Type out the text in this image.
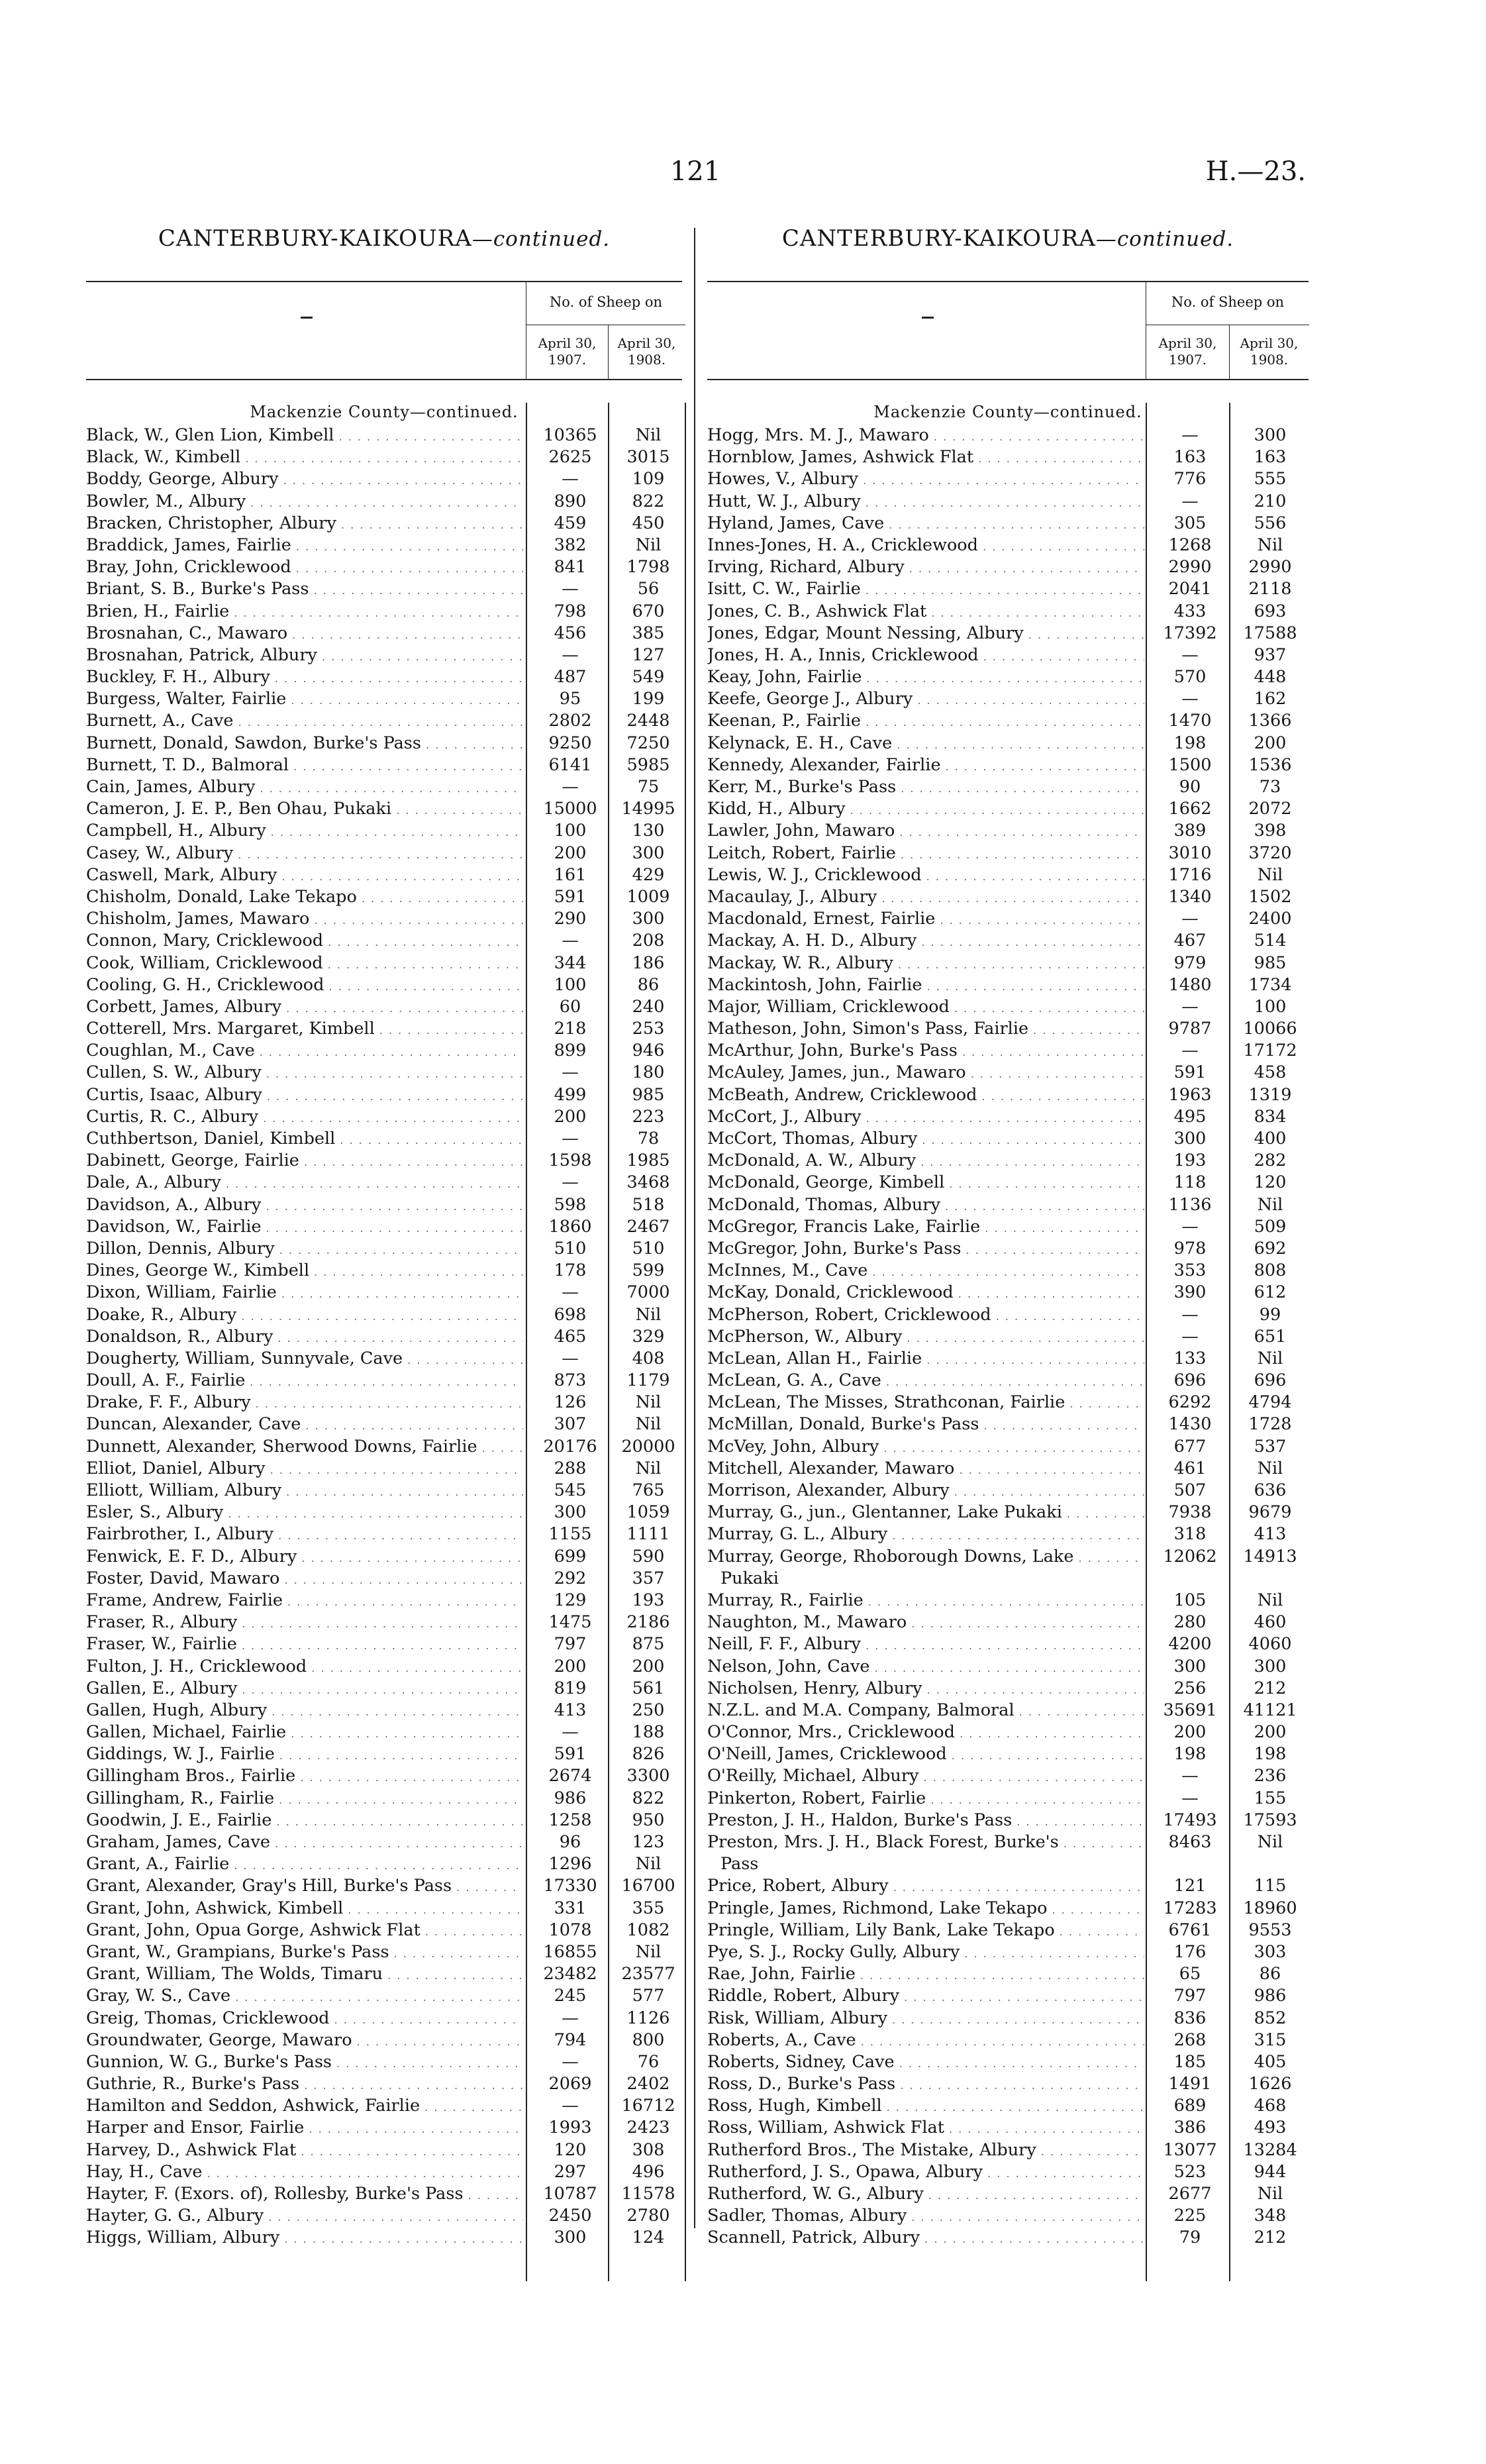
121	H.—23.
CANTERBURY-KAIKOURA—continued.
No. of Sheep on
April 30, 1907.
April 30, 1908.
Mackenzie County—continued.
Black, W., Glen Lion, Kimbell . . .	10365	Nil
Black, W., Kimbell . . .	2625	3015
Boddy, George, Albury . . .	—	109
Bowler, M., Albury . . .	890	822
Bracken, Christopher, Albury . . .	459	450
Braddick, James, Fairlie . . .	382	Nil
Bray, John, Cricklewood . . .	841	1798
Briant, S. B., Burke's Pass . . .	—	56
Brien, H., Fairlie . . .	798	670
Brosnahan, C., Mawaro . . .	456	385
Brosnahan, Patrick, Albury . . .	—	127
Buckley, F. H., Albury . . .	487	549
Burgess, Walter, Fairlie . . .	95	199
Burnett, A., Cave . . .	2802	2448
Burnett, Donald, Sawdon, Burke's Pass . . .	9250	7250
Burnett, T. D., Balmoral . . .	6141	5985
Cain, James, Albury . . .	—	75
Cameron, J. E. P., Ben Ohau, Pukaki . . .	15000	14995
Campbell, H., Albury . . .	100	130
Casey, W., Albury . . .	200	300
Caswell, Mark, Albury . . .	161	429
Chisholm, Donald, Lake Tekapo . . .	591	1009
Chisholm, James, Mawaro . . .	290	300
Connon, Mary, Cricklewood . . .	—	208
Cook, William, Cricklewood . . .	344	186
Cooling, G. H., Cricklewood . . .	100	86
Corbett, James, Albury . . .	60	240
Cotterell, Mrs. Margaret, Kimbell . . .	218	253
Coughlan, M., Cave . . .	899	946
Cullen, S. W., Albury . . .	—	180
Curtis, Isaac, Albury . . .	499	985
Curtis, R. C., Albury . . .	200	223
Cuthbertson, Daniel, Kimbell . . .	—	78
Dabinett, George, Fairlie . . .	1598	1985
Dale, A., Albury . . .	—	3468
Davidson, A., Albury . . .	598	518
Davidson, W., Fairlie . . .	1860	2467
Dillon, Dennis, Albury . . .	510	510
Dines, George W., Kimbell . . .	178	599
Dixon, William, Fairlie . . .	—	7000
Doake, R., Albury . . .	698	Nil
Donaldson, R., Albury . . .	465	329
Dougherty, William, Sunnyvale, Cave . . .	—	408
Doull, A. F., Fairlie . . .	873	1179
Drake, F. F., Albury . . .	126	Nil
Duncan, Alexander, Cave . . .	307	Nil
Dunnett, Alexander, Sherwood Downs, Fairlie . . .	20176	20000
Elliot, Daniel, Albury . . .	288	Nil
Elliott, William, Albury . . .	545	765
Esler, S., Albury . . .	300	1059
Fairbrother, I., Albury . . .	1155	1111
Fenwick, E. F. D., Albury . . .	699	590
Foster, David, Mawaro . . .	292	357
Frame, Andrew, Fairlie . . .	129	193
Fraser, R., Albury . . .	1475	2186
Fraser, W., Fairlie . . .	797	875
Fulton, J. H., Cricklewood . . .	200	200
Gallen, E., Albury . . .	819	561
Gallen, Hugh, Albury . . .	413	250
Gallen, Michael, Fairlie . . .	—	188
Giddings, W. J., Fairlie . . .	591	826
Gillingham Bros., Fairlie . . .	2674	3300
Gillingham, R., Fairlie . . .	986	822
Goodwin, J. E., Fairlie . . .	1258	950
Graham, James, Cave . . .	96	123
Grant, A., Fairlie . . .	1296	Nil
Grant, Alexander, Gray's Hill, Burke's Pass . . .	17330	16700
Grant, John, Ashwick, Kimbell . . .	331	355
Grant, John, Opua Gorge, Ashwick Flat . . .	1078	1082
Grant, W., Grampians, Burke's Pass . . .	16855	Nil
Grant, William, The Wolds, Timaru . . .	23482	23577
Gray, W. S., Cave . . .	245	577
Greig, Thomas, Cricklewood . . .	—	1126
Groundwater, George, Mawaro . . .	794	800
Gunnion, W. G., Burke's Pass . . .	—	76
Guthrie, R., Burke's Pass . . .	2069	2402
Hamilton and Seddon, Ashwick, Fairlie . . .	—	16712
Harper and Ensor, Fairlie . . .	1993	2423
Harvey, D., Ashwick Flat . . .	120	308
Hay, H., Cave . . .	297	496
Hayter, F. (Exors. of), Rollesby, Burke's Pass . . .	10787	11578
Hayter, G. G., Albury . . .	2450	2780
Higgs, William, Albury . . .	300	124
CANTERBURY-KAIKOURA—continued.
No. of Sheep on
April 30, 1907.
April 30, 1908.
Mackenzie County—continued.
Hogg, Mrs. M. J., Mawaro . . .	—	300
Hornblow, James, Ashwick Flat . . .	163	163
Howes, V., Albury . . .	776	555
Hutt, W. J., Albury . . .	—	210
Hyland, James, Cave . . .	305	556
Innes-Jones, H. A., Cricklewood . . .	1268	Nil
Irving, Richard, Albury . . .	2990	2990
Isitt, C. W., Fairlie . . .	2041	2118
Jones, C. B., Ashwick Flat . . .	433	693
Jones, Edgar, Mount Nessing, Albury . . .	17392	17588
Jones, H. A., Innis, Cricklewood . . .	—	937
Keay, John, Fairlie . . .	570	448
Keefe, George J., Albury . . .	—	162
Keenan, P., Fairlie . . .	1470	1366
Kelynack, E. H., Cave . . .	198	200
Kennedy, Alexander, Fairlie . . .	1500	1536
Kerr, M., Burke's Pass . . .	90	73
Kidd, H., Albury . . .	1662	2072
Lawler, John, Mawaro . . .	389	398
Leitch, Robert, Fairlie . . .	3010	3720
Lewis, W. J., Cricklewood . . .	1716	Nil
Macaulay, J., Albury . . .	1340	1502
Macdonald, Ernest, Fairlie . . .	—	2400
Mackay, A. H. D., Albury . . .	467	514
Mackay, W. R., Albury . . .	979	985
Mackintosh, John, Fairlie . . .	1480	1734
Major, William, Cricklewood . . .	—	100
Matheson, John, Simon's Pass, Fairlie . . .	9787	10066
McArthur, John, Burke's Pass . . .	—	17172
McAuley, James, jun., Mawaro . . .	591	458
McBeath, Andrew, Cricklewood . . .	1963	1319
McCort, J., Albury . . .	495	834
McCort, Thomas, Albury . . .	300	400
McDonald, A. W., Albury . . .	193	282
McDonald, George, Kimbell . . .	118	120
McDonald, Thomas, Albury . . .	1136	Nil
McGregor, Francis Lake, Fairlie . . .	—	509
McGregor, John, Burke's Pass . . .	978	692
McInnes, M., Cave . . .	353	808
McKay, Donald, Cricklewood . . .	390	612
McPherson, Robert, Cricklewood . . .	—	99
McPherson, W., Albury . . .	—	651
McLean, Allan H., Fairlie . . .	133	Nil
McLean, G. A., Cave . . .	696	696
McLean, The Misses, Strathconan, Fairlie . . .	6292	4794
McMillan, Donald, Burke's Pass . . .	1430	1728
McVey, John, Albury . . .	677	537
Mitchell, Alexander, Mawaro . . .	461	Nil
Morrison, Alexander, Albury . . .	507	636
Murray, G., jun., Glentanner, Lake Pukaki . . .	7938	9679
Murray, G. L., Albury . . .	318	413
Murray, George, Rhoborough Downs, Lake . . .	12062	14913
Pukaki
Murray, R., Fairlie . . .	105	Nil
Naughton, M., Mawaro . . .	280	460
Neill, F. F., Albury . . .	4200	4060
Nelson, John, Cave . . .	300	300
Nicholsen, Henry, Albury . . .	256	212
N.Z.L. and M.A. Company, Balmoral . . .	35691	41121
O'Connor, Mrs., Cricklewood . . .	200	200
O'Neill, James, Cricklewood . . .	198	198
O'Reilly, Michael, Albury . . .	—	236
Pinkerton, Robert, Fairlie . . .	—	155
Preston, J. H., Haldon, Burke's Pass . . .	17493	17593
Preston, Mrs. J. H., Black Forest, Burke's . . .	8463	Nil
Pass
Price, Robert, Albury . . .	121	115
Pringle, James, Richmond, Lake Tekapo . . .	17283	18960
Pringle, William, Lily Bank, Lake Tekapo . . .	6761	9553
Pye, S. J., Rocky Gully, Albury . . .	176	303
Rae, John, Fairlie . . .	65	86
Riddle, Robert, Albury . . .	797	986
Risk, William, Albury . . .	836	852
Roberts, A., Cave . . .	268	315
Roberts, Sidney, Cave . . .	185	405
Ross, D., Burke's Pass . . .	1491	1626
Ross, Hugh, Kimbell . . .	689	468
Ross, William, Ashwick Flat . . .	386	493
Rutherford Bros., The Mistake, Albury . . .	13077	13284
Rutherford, J. S., Opawa, Albury . . .	523	944
Rutherford, W. G., Albury . . .	2677	Nil
Sadler, Thomas, Albury . . .	225	348
Scannell, Patrick, Albury . . .	79	212
